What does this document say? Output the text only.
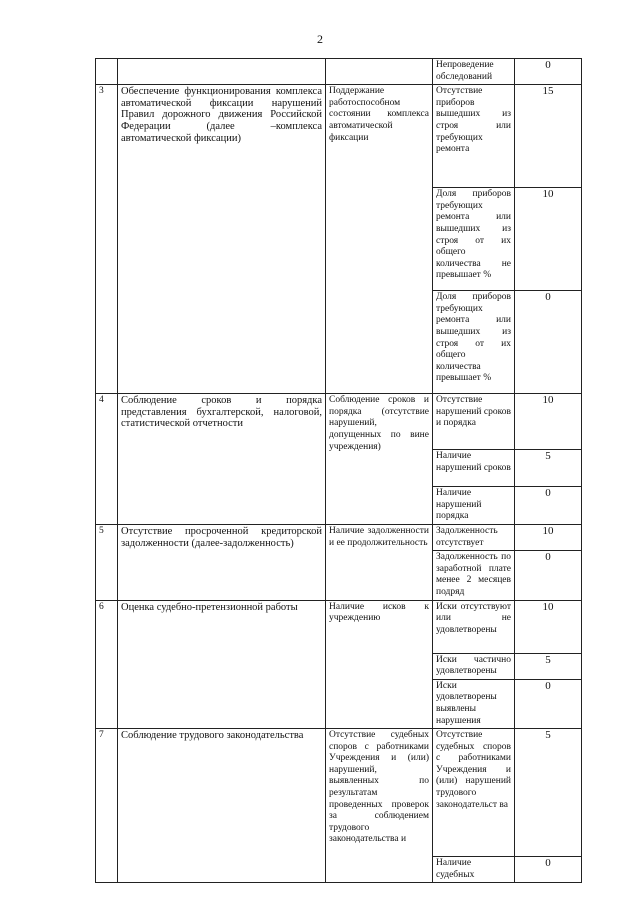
2
			Непроведение обследований	0
3	Обеспечение функционирования комплекса автоматической фиксации нарушений Правил дорожного движения Российской Федерации (далее –комплекса автоматической фиксации)	Поддержание работоспособном состоянии комплекса автоматической фиксации	Отсутствие приборов вышедших из строя или требующих ремонта	15
			Доля приборов требующих ремонта или вышедших из строя от их общего количества не превышает %	10
			Доля приборов требующих ремонта или вышедших из строя от их общего количества превышает %	0
4	Соблюдение сроков и порядка представления бухгалтерской, налоговой, статистической отчетности	Соблюдение сроков и порядка (отсутствие нарушений, допущенных по вине учреждения)	Отсутствие нарушений сроков и порядка	10
			Наличие нарушений сроков	5
			Наличие нарушений порядка	0
5	Отсутствие просроченной кредиторской задолженности (далее-задолженность)	Наличие задолженности и ее продолжительность	Задолженность отсутствует	10
			Задолженность по заработной плате менее 2 месяцев подряд	0
6	Оценка судебно-претензионной работы	Наличие исков к учреждению	Иски отсутствуют или не удовлетворены	10
			Иски частично удовлетворены	5
			Иски удовлетворены выявлены нарушения	0
7	Соблюдение трудового законодательства	Отсутствие судебных споров с работниками Учреждения и (или) нарушений, выявленных по результатам проведенных проверок за соблюдением трудового законодательства и	Отсутствие судебных споров с работниками Учреждения и (или) нарушений трудового законодательст ва	5
			Наличие судебных	0
